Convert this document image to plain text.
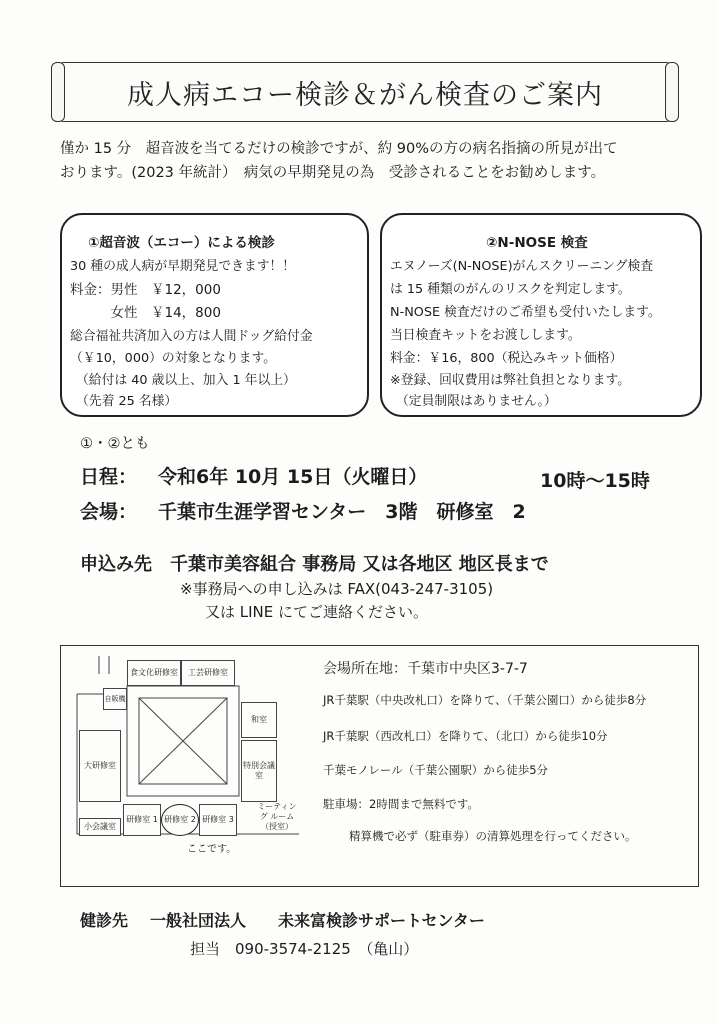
成人病エコー検診＆がん検査のご案内
僅か 15 分　超音波を当てるだけの検診ですが、約 90%の方の病名指摘の所見が出て
おります。(2023 年統計）　病気の早期発見の為　受診されることをお勧めします。
①超音波（エコー）による検診
30 種の成人病が早期発見できます！！
料金：男性　￥12，000
　　　女性　￥14，800
総合福祉共済加入の方は人間ドッグ給付金
（￥10，000）の対象となります。
（給付は 40 歳以上、加入 1 年以上）
（先着 25 名様）
②N-NOSE 検査
エヌノーズ(N-NOSE)がんスクリーニング検査
は 15 種類のがんのリスクを判定します。
N-NOSE 検査だけのご希望も受付いたします。
当日検査キットをお渡しします。
料金：￥16，800（税込みキット価格）
※登録、回収費用は弊社負担となります。
（定員制限はありません。）
①・②とも
日程： 令和6年 10月 15日（火曜日）	10時〜15時
会場： 千葉市生涯学習センター　3階　研修室　2
申込み先　千葉市美容組合 事務局 又は各地区 地区長まで
※事務局への申し込みは FAX(043-247-3105)
又は LINE にてご連絡ください。
食文化研修室	工芸研修室
自販機
和室
大研修室	特別会議室
ミーティング ルーム（授室）
研修室 1 研修室 2 研修室 3
小会議室
ここです。
会場所在地：千葉市中央区3-7-7
JR千葉駅（中央改札口）を降りて、（千葉公園口）から徒歩8分
JR千葉駅（西改札口）を降りて、（北口）から徒歩10分
千葉モノレール（千葉公園駅）から徒歩5分
駐車場：2時間まで無料です。
精算機で必ず（駐車券）の清算処理を行ってください。
健診先 一般社団法人　　未来富検診サポートセンター
担当　090-3574-2125　（亀山）
